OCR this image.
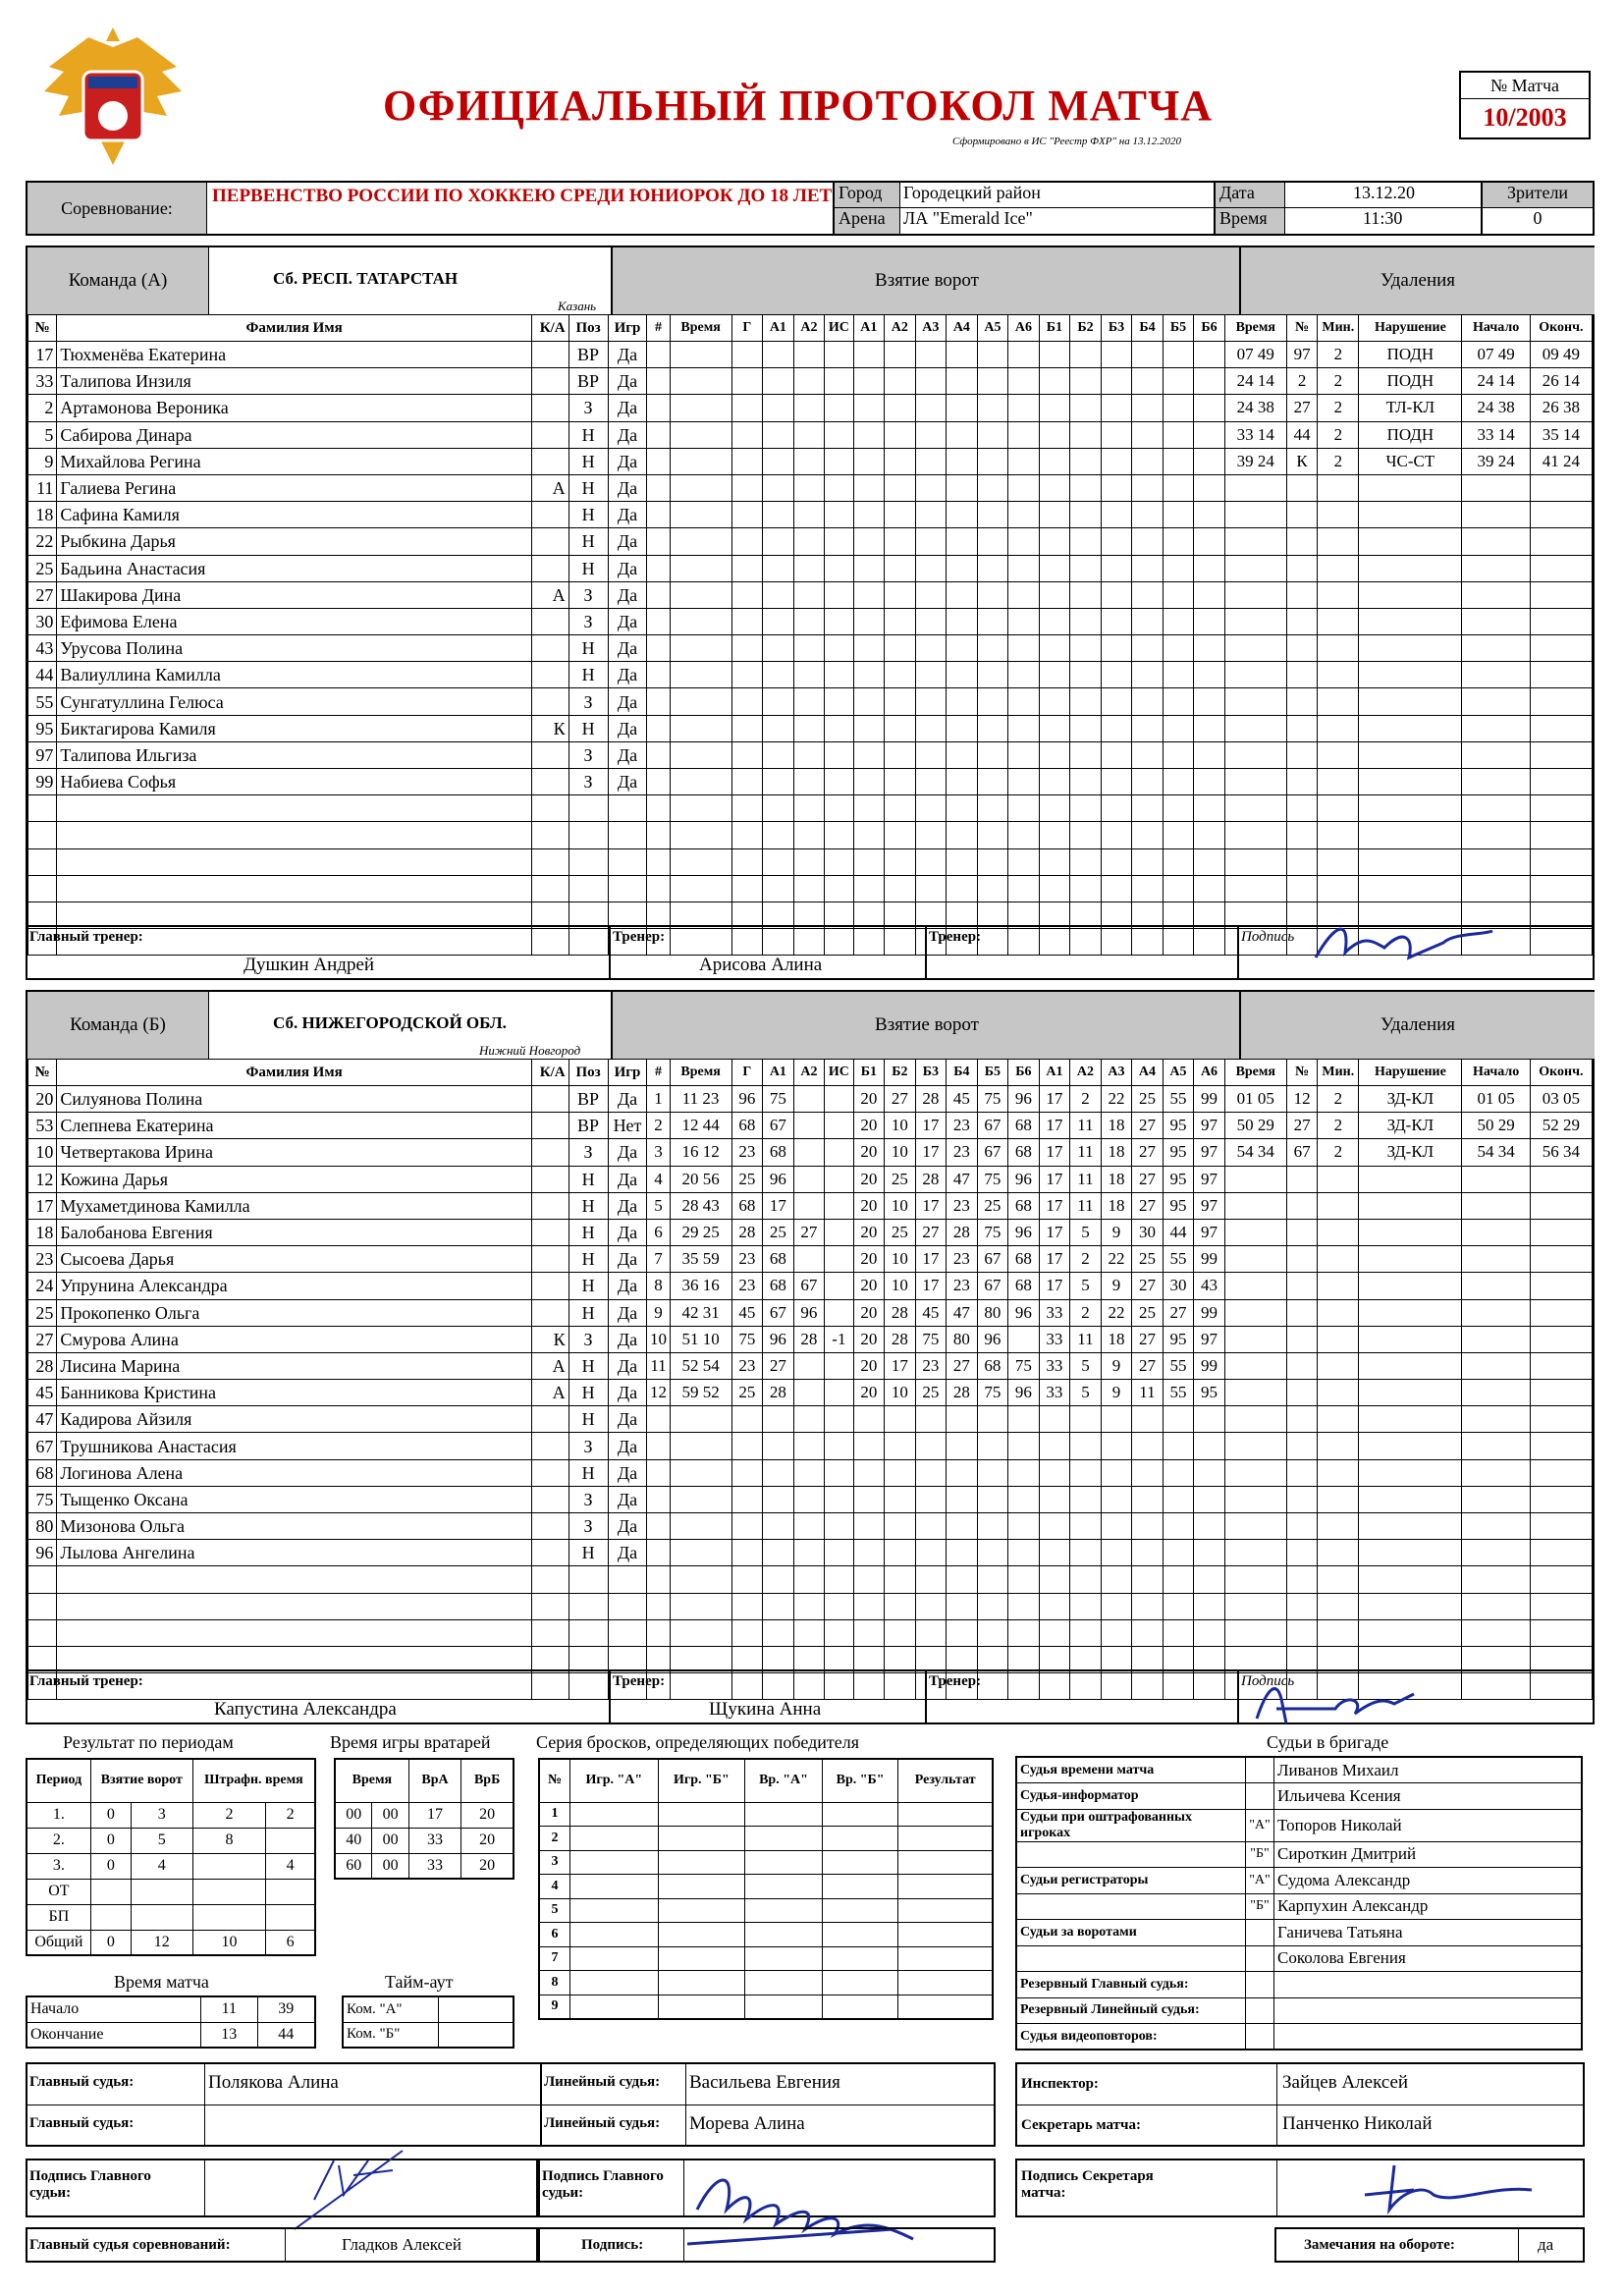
ОФИЦИАЛЬНЫЙ ПРОТОКОЛ МАТЧА
Сформировано в ИС "Реестр ФХР" на 13.12.2020
№ Матча
10/2003
Соревнование:
ПЕРВЕНСТВО РОССИИ ПО ХОККЕЮ СРЕДИ ЮНИОРОК ДО 18 ЛЕТ Город	Городецкий район
Арена	ЛА "Emerald Ice"
Дата	13.12.20
Время	11:30
Зрители
0
Команда (А)	Сб. РЕСП. ТАТАРСТАН
Казань
Взятие ворот	Удаления
№	Фамилия Имя	К/А	Поз	Игр	#	Время	Г	А1	А2	ИС	А1	А2	А3	А4	А5	А6	Б1	Б2	Б3	Б4	Б5	Б6	Время	№	Мин.	Нарушение	Начало	Оконч.
17	Тюхменёва Екатерина		ВР	Да																			07 49	97	2	ПОДН	07 49	09 49
33	Талипова Инзиля		ВР	Да																			24 14	2	2	ПОДН	24 14	26 14
2	Артамонова Вероника		З	Да																			24 38	27	2	ТЛ-КЛ	24 38	26 38
5	Сабирова Динара		Н	Да																			33 14	44	2	ПОДН	33 14	35 14
9	Михайлова Регина		Н	Да																			39 24	К	2	ЧС-СТ	39 24	41 24
11	Галиева Регина	А	Н	Да																								
18	Сафина Камиля		Н	Да																								
22	Рыбкина Дарья		Н	Да																								
25	Бадьина Анастасия		Н	Да																								
27	Шакирова Дина	А	З	Да																								
30	Ефимова Елена		З	Да																								
43	Урусова Полина		Н	Да																								
44	Валиуллина Камилла		Н	Да																								
55	Сунгатуллина Гелюса		З	Да																								
95	Биктагирова Камиля	К	Н	Да																								
97	Талипова Ильгиза		З	Да																								
99	Набиева Софья		З	Да																								

Главный тренер:
Душкин Андрей
Тренер:
Арисова Алина
Тренер:	Подпись
Команда (Б)	Сб. НИЖЕГОРОДСКОЙ ОБЛ.
Нижний Новгород
Взятие ворот	Удаления
№	Фамилия Имя	К/А	Поз	Игр	#	Время	Г	А1	А2	ИС	Б1	Б2	Б3	Б4	Б5	Б6	А1	А2	А3	А4	А5	А6	Время	№	Мин.	Нарушение	Начало	Оконч.
20	Силуянова Полина		ВР	Да	1	11 23	96	75			20	27	28	45	75	96	17	2	22	25	55	99	01 05	12	2	ЗД-КЛ	01 05	03 05
53	Слепнева Екатерина		ВР	Нет	2	12 44	68	67			20	10	17	23	67	68	17	11	18	27	95	97	50 29	27	2	ЗД-КЛ	50 29	52 29
10	Четвертакова Ирина		З	Да	3	16 12	23	68			20	10	17	23	67	68	17	11	18	27	95	97	54 34	67	2	ЗД-КЛ	54 34	56 34
12	Кожина Дарья		Н	Да	4	20 56	25	96			20	25	28	47	75	96	17	11	18	27	95	97						
17	Мухаметдинова Камилла		Н	Да	5	28 43	68	17			20	10	17	23	25	68	17	11	18	27	95	97						
18	Балобанова Евгения		Н	Да	6	29 25	28	25	27		20	25	27	28	75	96	17	5	9	30	44	97						
23	Сысоева Дарья		Н	Да	7	35 59	23	68			20	10	17	23	67	68	17	2	22	25	55	99						
24	Упрунина Александра		Н	Да	8	36 16	23	68	67		20	10	17	23	67	68	17	5	9	27	30	43						
25	Прокопенко Ольга		Н	Да	9	42 31	45	67	96		20	28	45	47	80	96	33	2	22	25	27	99						
27	Смурова Алина	К	З	Да	10	51 10	75	96	28	-1	20	28	75	80	96		33	11	18	27	95	97						
28	Лисина Марина	А	Н	Да	11	52 54	23	27			20	17	23	27	68	75	33	5	9	27	55	99						
45	Банникова Кристина	А	Н	Да	12	59 52	25	28			20	10	25	28	75	96	33	5	9	11	55	95						
47	Кадирова Айзиля		Н	Да																								
67	Трушникова Анастасия		З	Да																								
68	Логинова Алена		Н	Да																								
75	Тыщенко Оксана		З	Да																								
80	Мизонова Ольга		З	Да																								
96	Лылова Ангелина		Н	Да																								

Главный тренер:
Капустина Александра
Тренер:
Щукина Анна
Тренер:	Подпись
Результат по периодам
Период	Взятие ворот		Штрафн. время	
1.	0	3	2	2
2.	0	5	8	
3.	0	4		4
ОТ				
БП				
Общий	0	12	10	6
Время игры вратарей
Время		ВрА	ВрБ
00	00	17	20
40	00	33	20
60	00	33	20
Время матча
Начало	11	39
Окончание	13	44
Тайм-аут
Ком. "А"	
Ком. "Б"	
Серия бросков, определяющих победителя
№	Игр. "А"	Игр. "Б"	Вр. "А"	Вр. "Б"	Результат
1					
2					
3					
4					
5					
6					
7					
8					
9					
Судьи в бригаде
Судья времени матча		Ливанов Михаил
Судья-информатор		Ильичева Ксения
Судьи при оштрафованных игроках	"А"	Топоров Николай
	"Б"	Сироткин Дмитрий
Судьи регистраторы	"А"	Судома Александр
	"Б"	Карпухин Александр
Судьи за воротами		Ганичева Татьяна
		Соколова Евгения
Резервный Главный судья:		
Резервный Линейный судья:		
Судья видеоповторов:		
Главный судья:	Полякова Алина
Главный судья:
Линейный судья: Васильева Евгения
Линейный судья: Морева Алина
Инспектор:	Зайцев Алексей
Секретарь матча:	Панченко Николай
Подпись Главного судьи:
Подпись Главного судьи:
Подпись Секретаря матча:
Главный судья соревнований:	Гладков Алексей	Подпись:	Замечания на обороте:	да
